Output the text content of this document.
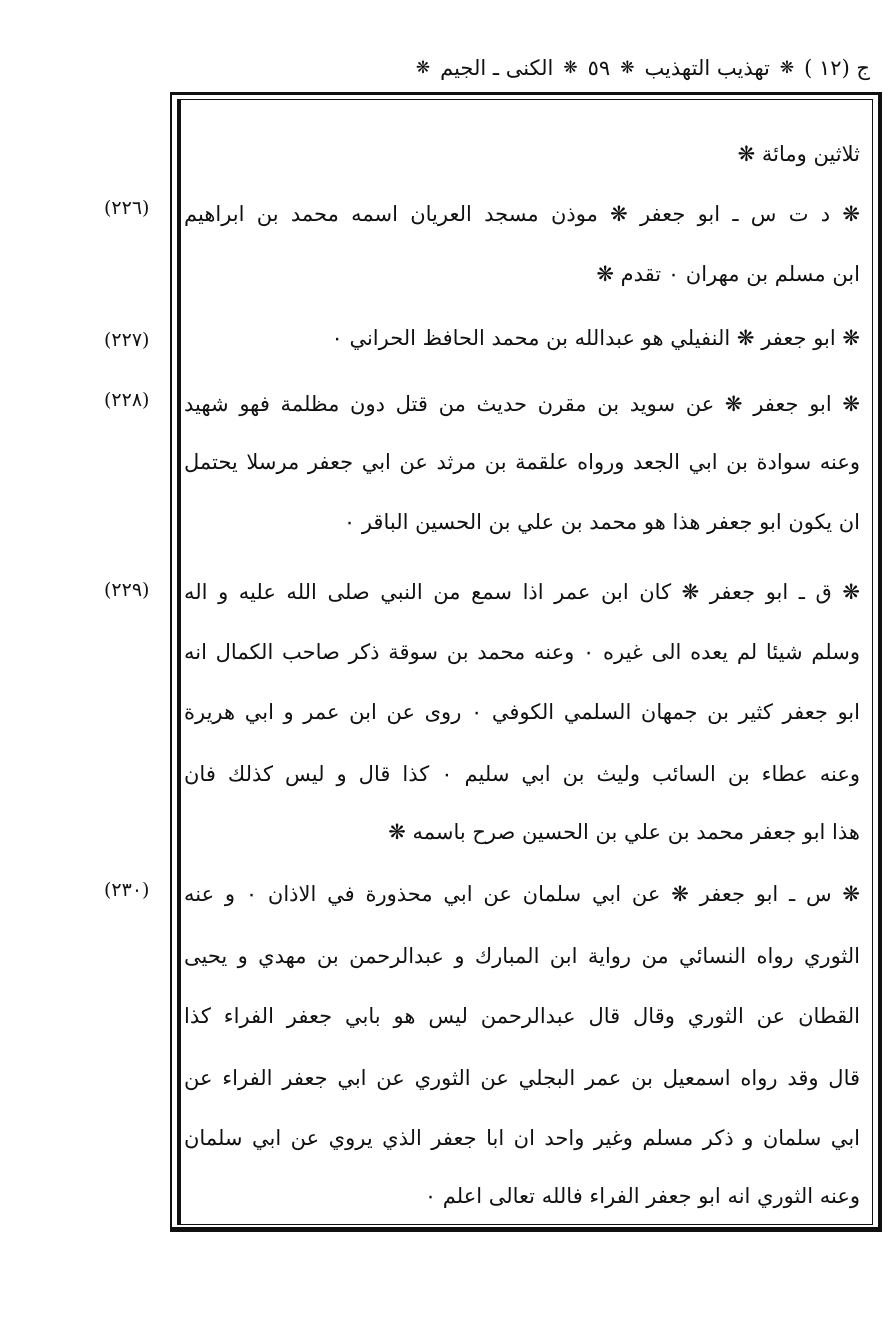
ج (١٢ )
❋
تهذيب التهذيب
❋
٥٩
❋
الكنى ـ الجيم
❋
(٢٢٦)
(٢٢٧)
(٢٢٨)
(٢٢٩)
(٢٣٠)
ثلاثين ومائة ❋
❋ د ت س ـ ابو جعفر ❋ موذن مسجد العريان اسمه محمد بن ابراهيم
ابن مسلم بن مهران ٠ تقدم ❋
❋ ابو جعفر ❋ النفيلي هو عبدالله بن محمد الحافظ الحراني ٠
❋ ابو جعفر ❋ عن سويد بن مقرن حديث من قتل دون مظلمة فهو شهيد
وعنه سوادة بن ابي الجعد ورواه علقمة بن مرثد عن ابي جعفر مرسلا يحتمل
ان يكون ابو جعفر هذا هو محمد بن علي بن الحسين الباقر ٠
❋ ق ـ ابو جعفر ❋ كان ابن عمر اذا سمع من النبي صلى الله عليه و اله
وسلم شيئا لم يعده الى غيره ٠ وعنه محمد بن سوقة ذكر صاحب الكمال انه
ابو جعفر كثير بن جمهان السلمي الكوفي ٠ روى عن ابن عمر و ابي هريرة
وعنه عطاء بن السائب وليث بن ابي سليم ٠ كذا قال و ليس كذلك فان
هذا ابو جعفر محمد بن علي بن الحسين صرح باسمه ❋
❋ س ـ ابو جعفر ❋ عن ابي سلمان عن ابي محذورة في الاذان ٠ و عنه
الثوري رواه النسائي من رواية ابن المبارك و عبدالرحمن بن مهدي و يحيى
القطان عن الثوري وقال قال عبدالرحمن ليس هو بابي جعفر الفراء كذا
قال وقد رواه اسمعيل بن عمر البجلي عن الثوري عن ابي جعفر الفراء عن
ابي سلمان و ذكر مسلم وغير واحد ان ابا جعفر الذي يروي عن ابي سلمان
وعنه الثوري انه ابو جعفر الفراء فالله تعالى اعلم ٠
